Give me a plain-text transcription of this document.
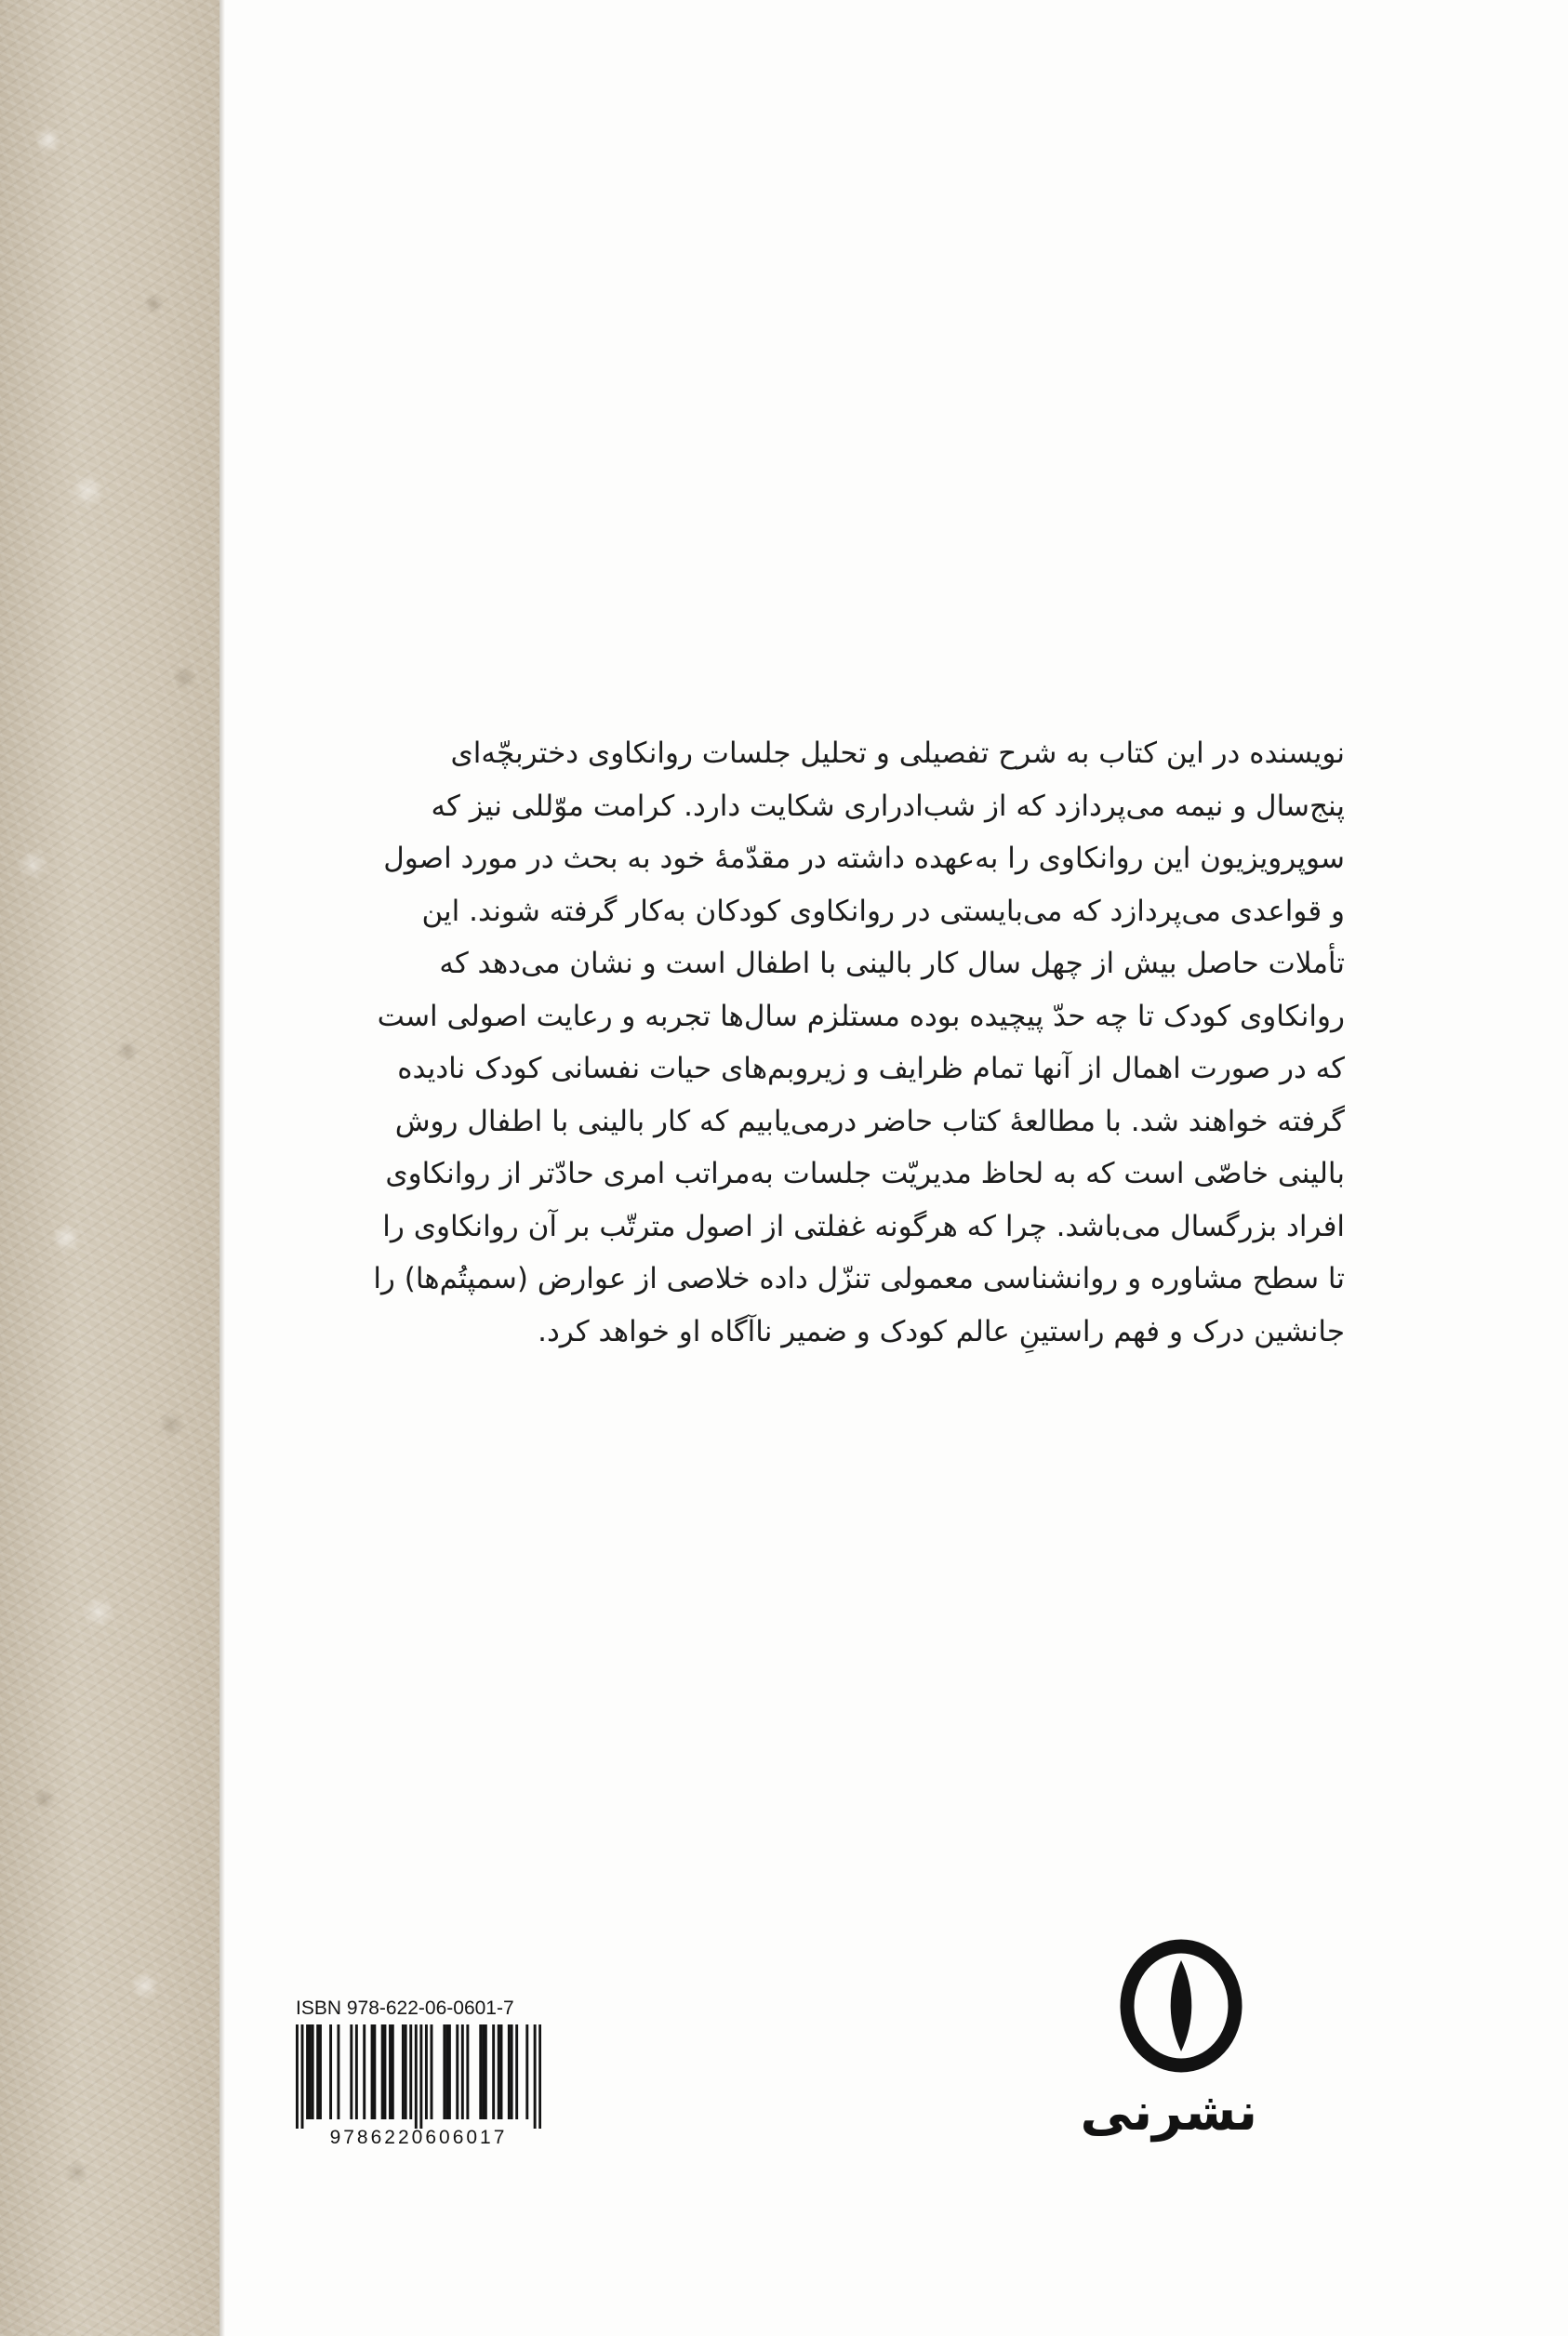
نویسنده در این کتاب به شرح تفصیلی و تحلیل جلسات روانکاوی دختربچّه‌ای
پنج‌سال و نیمه می‌پردازد که از شب‌ادراری شکایت دارد. کرامت موّللی نیز که
سوپرویزیون این روانکاوی را به‌عهده داشته در مقدّمهٔ خود به بحث در مورد اصول
و قواعدی می‌پردازد که می‌بایستی در روانکاوی کودکان به‌کار گرفته شوند. این
تأملات حاصل بیش از چهل سال کار بالینی با اطفال است و نشان می‌دهد که
روانکاوی کودک تا چه حدّ پیچیده بوده مستلزم سال‌ها تجربه و رعایت اصولی است
که در صورت اهمال از آنها تمام ظرایف و زیروبم‌های حیات نفسانی کودک نادیده
گرفته خواهند شد. با مطالعهٔ کتاب حاضر درمی‌یابیم که کار بالینی با اطفال روش
بالینی خاصّی است که به لحاظ مدیریّت جلسات به‌مراتب امری حادّتر از روانکاوی
افراد بزرگسال می‌باشد. چرا که هرگونه غفلتی از اصول مترتّب بر آن روانکاوی را
تا سطح مشاوره و روانشناسی معمولی تنزّل داده خلاصی از عوارض (سمپتُم‌ها) را
جانشین درک و فهم راستینِ عالم کودک و ضمیر ناآگاه او خواهد کرد.
ISBN 978-622-06-0601-7
9786220606017	نشرنی
